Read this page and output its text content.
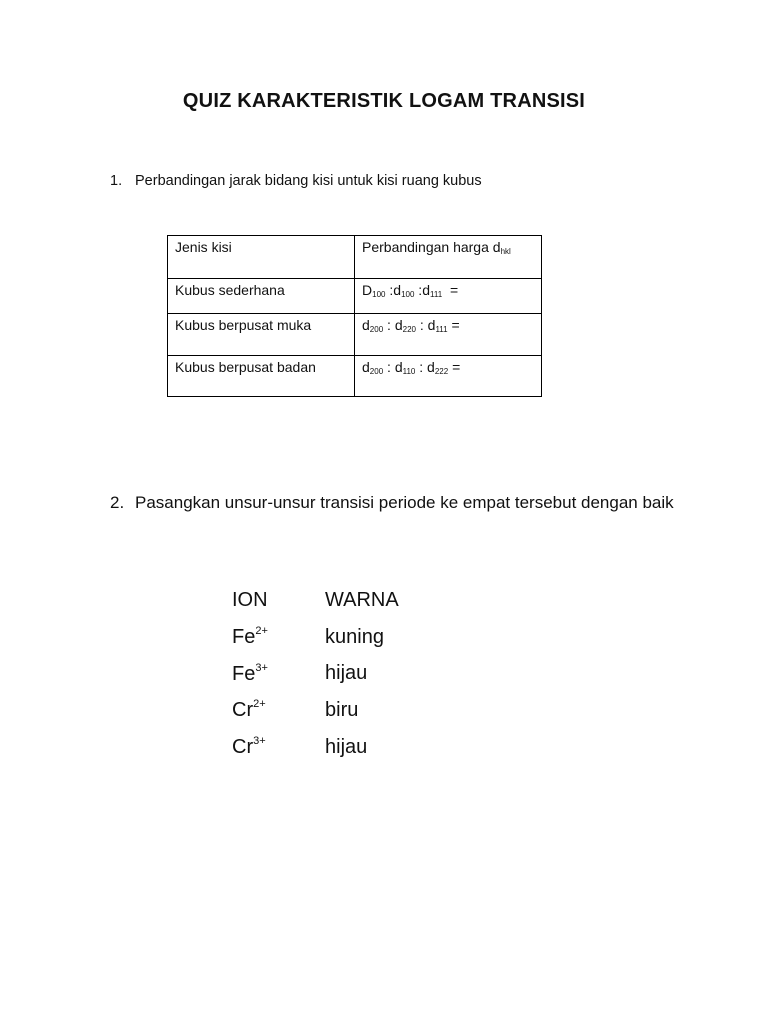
QUIZ KARAKTERISTIK LOGAM TRANSISI
1. Perbandingan jarak bidang kisi untuk kisi ruang kubus
Jenis kisi	Perbandingan harga $d_{hkl}$
Kubus sederhana	$D_{100}$ $:d_{100}$ $:d_{111}$  =
Kubus berpusat muka	$d_{200}$ : $d_{220}$ : $d_{111}$ =
Kubus berpusat badan	$d_{200}$ : $d_{110}$ : $d_{222}$ =
2. Pasangkan unsur-unsur transisi periode ke empat tersebut dengan baik
ION	WARNA
$Fe^{2+}$	kuning
$Fe^{3+}$	hijau
$Cr^{2+}$	biru
$Cr^{3+}$	hijau
